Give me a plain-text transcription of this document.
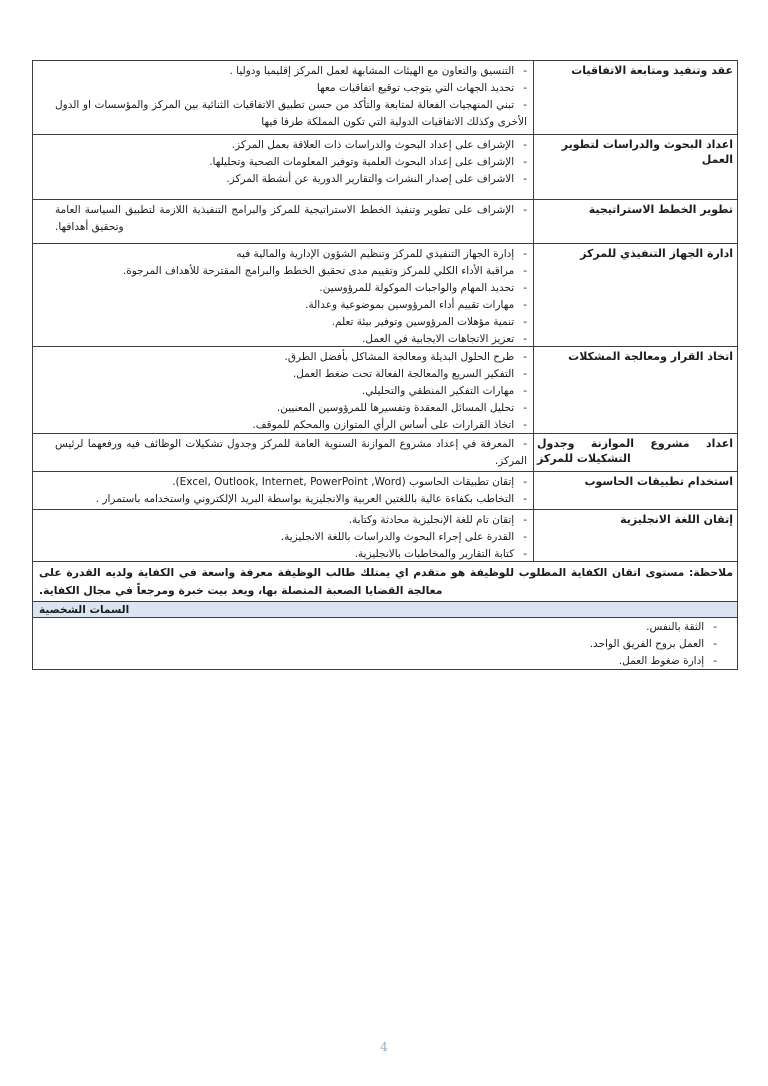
- التنسيق والتعاون مع الهيئات المشابهة لعمل المركز إقليميا ودوليا .
- تحديد الجهات التي يتوجب توقيع اتفاقيات معها
- تبني المنهجيات الفعالة لمتابعة والتأكد من حسن تطبيق الاتفاقيات الثنائية بين المركز والمؤسسات او الدول الأخرى وكذلك الاتفاقيات الدولية التي تكون المملكة طرفا فيها
عقد وتنفيذ ومتابعة الاتفاقيات
- الإشراف على إعداد البحوث والدراسات ذات العلاقة بعمل المركز.
- الإشراف على إعداد البحوث العلمية وتوفير المعلومات الصحية وتحليلها.
- الاشراف على إصدار النشرات والتقارير الدورية عن أنشطة المركز.
اعداد البحوث والدراسات لتطوير العمل
- الإشراف على تطوير وتنفيذ الخطط الاستراتيجية للمركز والبرامج التنفيذية اللازمة لتطبيق السياسة العامة وتحقيق أهدافها.
تطوير الخطط الاستراتيجية
- إدارة الجهاز التنفيذي للمركز وتنظيم الشؤون الإدارية والمالية فيه
- مراقبة الأداء الكلي للمركز وتقييم مدى تحقيق الخطط والبرامج المقترحة للأهداف المرجوة.
- تحديد المهام والواجبات الموكولة للمرؤوسين.
- مهارات تقييم أداء المرؤوسين بموضوعية وعدالة.
- تنمية مؤهلات المرؤوسين وتوفير بيئة تعلم.
- تعزيز الاتجاهات الايجابية في العمل.
ادارة الجهاز التنفيذي للمركز
- طرح الحلول البديلة ومعالجة المشاكل بأفضل الطرق.
- التفكير السريع والمعالجة الفعالة تحت ضغط العمل.
- مهارات التفكير المنطقي والتحليلي.
- تحليل المسائل المعقدة وتفسيرها للمرؤوسين المعنيين.
- اتخاذ القرارات على أساس الرأي المتوازن والمحكم للموقف.
اتخاذ القرار ومعالجة المشكلات
- المعرفة في إعداد مشروع الموازنة السنوية العامة للمركز وجدول تشكيلات الوظائف فيه ورفعهما لرئيس المركز.
اعداد مشروع الموازنة وجدول التشكيلات للمركز
- إتقان تطبيقات الحاسوب (Excel, Outlook, Internet, PowerPoint ,Word).
- التخاطب بكفاءة عالية باللغتين العربية والانجليزية بواسطة البريد الإلكتروني واستخدامه باستمرار .
استخدام تطبيقات الحاسوب
- إتقان تام للغة الإنجليزية محادثة وكتابة.
- القدرة على إجراء البحوث والدراسات باللغة الانجليزية.
- كتابة التقارير والمخاطبات بالانجليزية.
إتقان اللغة الانجليزية
ملاحظة: مستوى اتقان الكفاية المطلوب للوظيفة هو متقدم اي يمتلك طالب الوظيفة معرفة واسعة في الكفاية ولديه القدرة على معالجة القضايا الصعبة المتصلة بها، ويعد بيت خبرة ومرجعاً في مجال الكفاية.
السمات الشخصية
- الثقة بالنفس.
- العمل بروح الفريق الواحد.
- إدارة ضغوط العمل.
4
